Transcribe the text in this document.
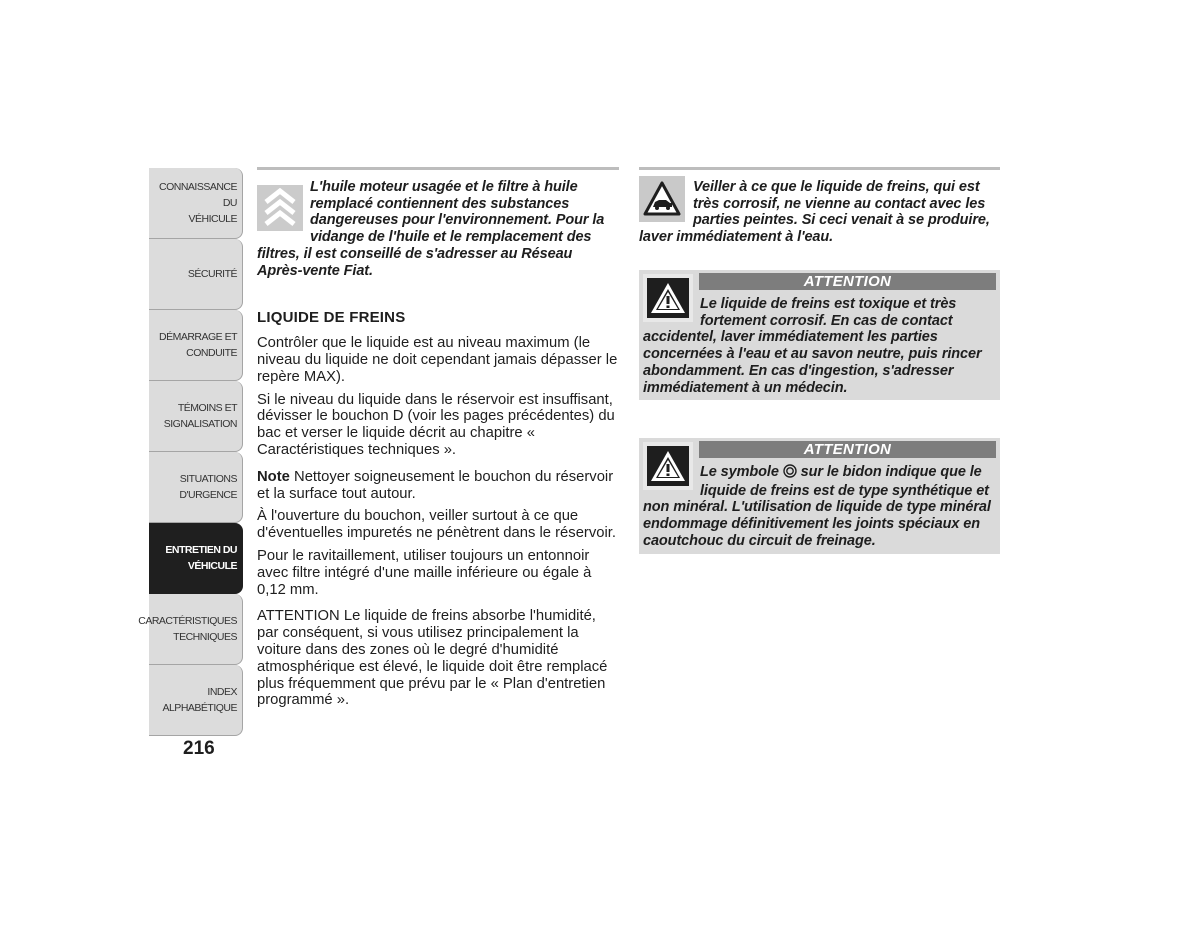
CONNAISSANCE DU
VÉHICULE
SÉCURITÉ
DÉMARRAGE ET
CONDUITE
TÉMOINS ET
SIGNALISATION
SITUATIONS
D'URGENCE
ENTRETIEN DU
VÉHICULE
CARACTÉRISTIQUES
TECHNIQUES
INDEX
ALPHABÉTIQUE
216
L'huile moteur usagée et le filtre à huile remplacé contiennent des substances dangereuses pour l'environnement. Pour la vidange de l'huile et le remplacement des filtres, il est conseillé de s'adresser au Réseau Après-vente Fiat.
LIQUIDE DE FREINS

Contrôler que le liquide est au niveau maximum (le niveau du liquide ne doit cependant jamais dépasser le repère MAX).

Si le niveau du liquide dans le réservoir est insuffisant, dévisser le bouchon D (voir les pages précédentes) du bac et verser le liquide décrit au chapitre « Caractéristiques techniques ».

Note Nettoyer soigneusement le bouchon du réservoir et la surface tout autour.

À l'ouverture du bouchon, veiller surtout à ce que d'éventuelles impuretés ne pénètrent dans le réservoir.

Pour le ravitaillement, utiliser toujours un entonnoir avec filtre intégré d'une maille inférieure ou égale à 0,12 mm.

ATTENTION Le liquide de freins absorbe l'humidité, par conséquent, si vous utilisez principalement la voiture dans des zones où le degré d'humidité atmosphérique est élevé, le liquide doit être remplacé plus fréquemment que prévu par le « Plan d'entretien programmé ».

Veiller à ce que le liquide de freins, qui est très corrosif, ne vienne au contact avec les parties peintes. Si ceci venait à se produire, laver immédiatement à l'eau.
ATTENTION
Le liquide de freins est toxique et très fortement corrosif. En cas de contact accidentel, laver immédiatement les parties concernées à l'eau et au savon neutre, puis rincer abondamment. En cas d'ingestion, s'adresser immédiatement à un médecin.
ATTENTION
Le symbole  sur le bidon indique que le liquide de freins est de type synthétique et non minéral. L'utilisation de liquide de type minéral endommage définitivement les joints spéciaux en caoutchouc du circuit de freinage.
